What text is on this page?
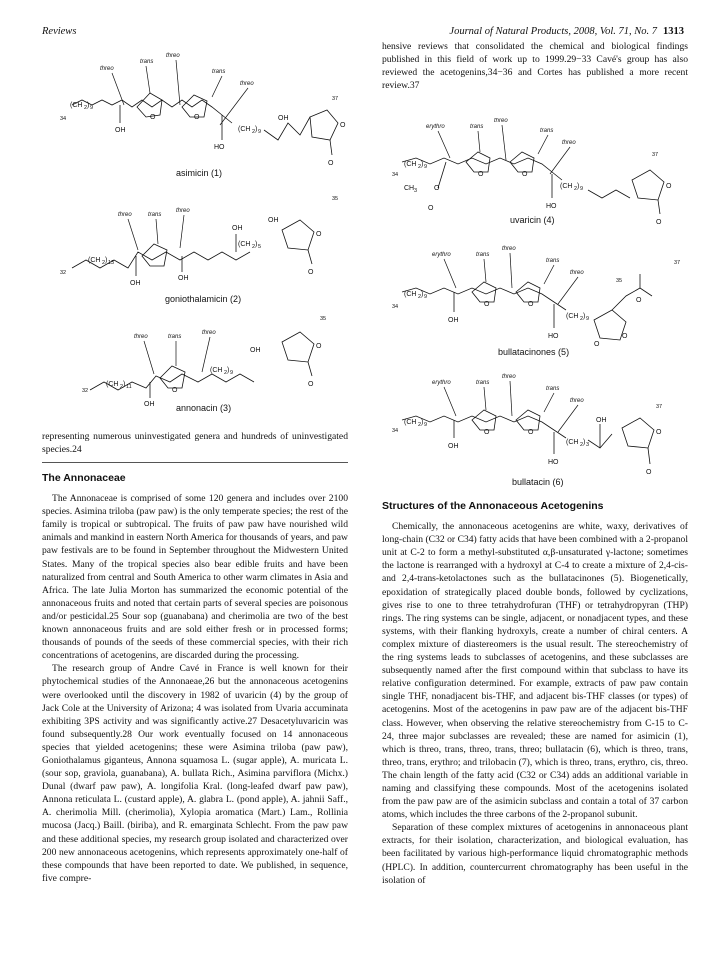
Reviews	Journal of Natural Products, 2008, Vol. 71, No. 7 1313
threo
trans
threo
trans
threo
(CH 2 ) 9
OH
O	O
(CH 2 ) 9
HO
OH
O
O
34
37
asimicin (1)
threo	trans
threo
(CH 2 ) 13
OH
OH
OH
OH
(CH 2 ) 5
O
O
32
35
goniothalamicin (2)
threo	trans
threo
(CH 2 ) 11
OH
O
(CH 2 ) 9
OH
O
O
32
35
annonacin (3)
erythro	trans
threo
trans
threo
(CH 2 ) 9
CH 3
O
O
O	O
(CH 2 ) 9
HO
O
O
34
37
uvaricin (4)
erythro	trans
threo
trans
threo
(CH 2 ) 9
OH
O	O
(CH 2 ) 9
HO
O
O
O
34
35
37
bullatacinones (5)
erythro	trans
threo
trans
threo
(CH 2 ) 9
OH
O	O
(CH 2 ) 3
HO
OH
O
O
34
37
bullatacin (6)

representing numerous uninvestigated genera and hundreds of uninvestigated species.24

The Annonaceae

The Annonaceae is comprised of some 120 genera and includes over 2100 species. Asimina triloba (paw paw) is the only temperate species; the rest of the family is tropical or subtropical. The fruits of paw paw have nourished wild animals and mankind in eastern North America for thousands of years, and paw paw festivals are to be found in September throughout the Midwestern United States. Many of the tropical species also bear edible fruits and have been naturalized from central and South America to other warm climates in Asia and Africa. The late Julia Morton has summarized the economic potential of the annonaceous fruits and noted that certain parts of several species are poisonous and/or pesticidal.25 Sour sop (guanabana) and cherimolia are two of the best known annonaceous fruits and are sold either fresh or in processed forms; thousands of pounds of the seeds of these commercial species, with their rich concentrations of acetogenins, are discarded during the processing.

The research group of Andre Cavé in France is well known for their phytochemical studies of the Annonaeae,26 but the annonaceous acetogenins were overlooked until the discovery in 1982 of uvaricin (4) by the group of Jack Cole at the University of Arizona; 4 was isolated from Uvaria accuminata exhibiting 3PS activity and was significantly active.27 Desacetyluvaricin was found subsequently.28 Our work eventually focused on 14 annonaceous species that yielded acetogenins; these were Asimina triloba (paw paw), Goniothalamus giganteus, Annona squamosa L. (sugar apple), A. muricata L. (sour sop, graviola, guanabana), A. bullata Rich., Asimina parviflora (Michx.) Dunal (dwarf paw paw), A. longifolia Kral. (long-leafed dwarf paw paw), Annona reticulata L. (custard apple), A. glabra L. (pond apple), A. jahnii Saff., A. cherimolia Mill. (cherimolia), Xylopia aromatica (Mart.) Lam., Rollinia mucosa (Jacq.) Baill. (biriba), and R. emarginata Schlecht. From the paw paw and these additional species, my research group isolated and characterized over 200 new annonaceous acetogenins, which represents approximately one-half of these compounds that have been reported to date. We published, in sequence, five compre-

hensive reviews that consolidated the chemical and biological findings published in this field of work up to 1999.29−33 Cavé's group has also reviewed the acetogenins,34−36 and Cortes has published a more recent review.37

Structures of the Annonaceous Acetogenins

Chemically, the annonaceous acetogenins are white, waxy, derivatives of long-chain (C32 or C34) fatty acids that have been combined with a 2-propanol unit at C-2 to form a methyl-substituted α,β-unsaturated γ-lactone; sometimes the lactone is rearranged with a hydroxyl at C-4 to create a mixture of 2,4-cis- and 2,4-trans-ketolactones such as the bullatacinones (5). Biogenetically, epoxidation of strategically placed double bonds, followed by cyclizations, gives rise to one to three tetrahydrofuran (THF) or tetrahydropyran (THP) rings. The ring systems can be single, adjacent, or nonadjacent types, and these systems, with their flanking hydroxyls, create a number of chiral centers. A complex mixture of diastereomers is the usual result. The stereochemistry of the ring systems leads to subclasses of acetogenins, and these subclasses are subsequently named after the first compound within that subclass to have its relative configuration determined. For example, extracts of paw paw contain single THF, nonadjacent bis-THF, and adjacent bis-THF classes (or types) of acetogenins. Most of the acetogenins in paw paw are of the adjacent bis-THF class. However, when observing the relative stereochemistry from C-15 to C-24, three major subclasses are revealed; these are named for asimicin (1), which is threo, trans, threo, trans, threo; bullatacin (6), which is threo, trans, threo, trans, erythro; and trilobacin (7), which is threo, trans, erythro, cis, threo. The chain length of the fatty acid (C32 or C34) adds an additional variable in naming and classifying these compounds. Most of the acetogenins isolated from the paw paw are of the asimicin subclass and contain a total of 37 carbon atoms, which includes the three carbons of the 2-propanol subunit.

Separation of these complex mixtures of acetogenins in annonaceous plant extracts, for their isolation, characterization, and biological evaluation, has been facilitated by various high-performance liquid chromatographic methods (HPLC). In addition, countercurrent chromatography has been useful in the isolation of
